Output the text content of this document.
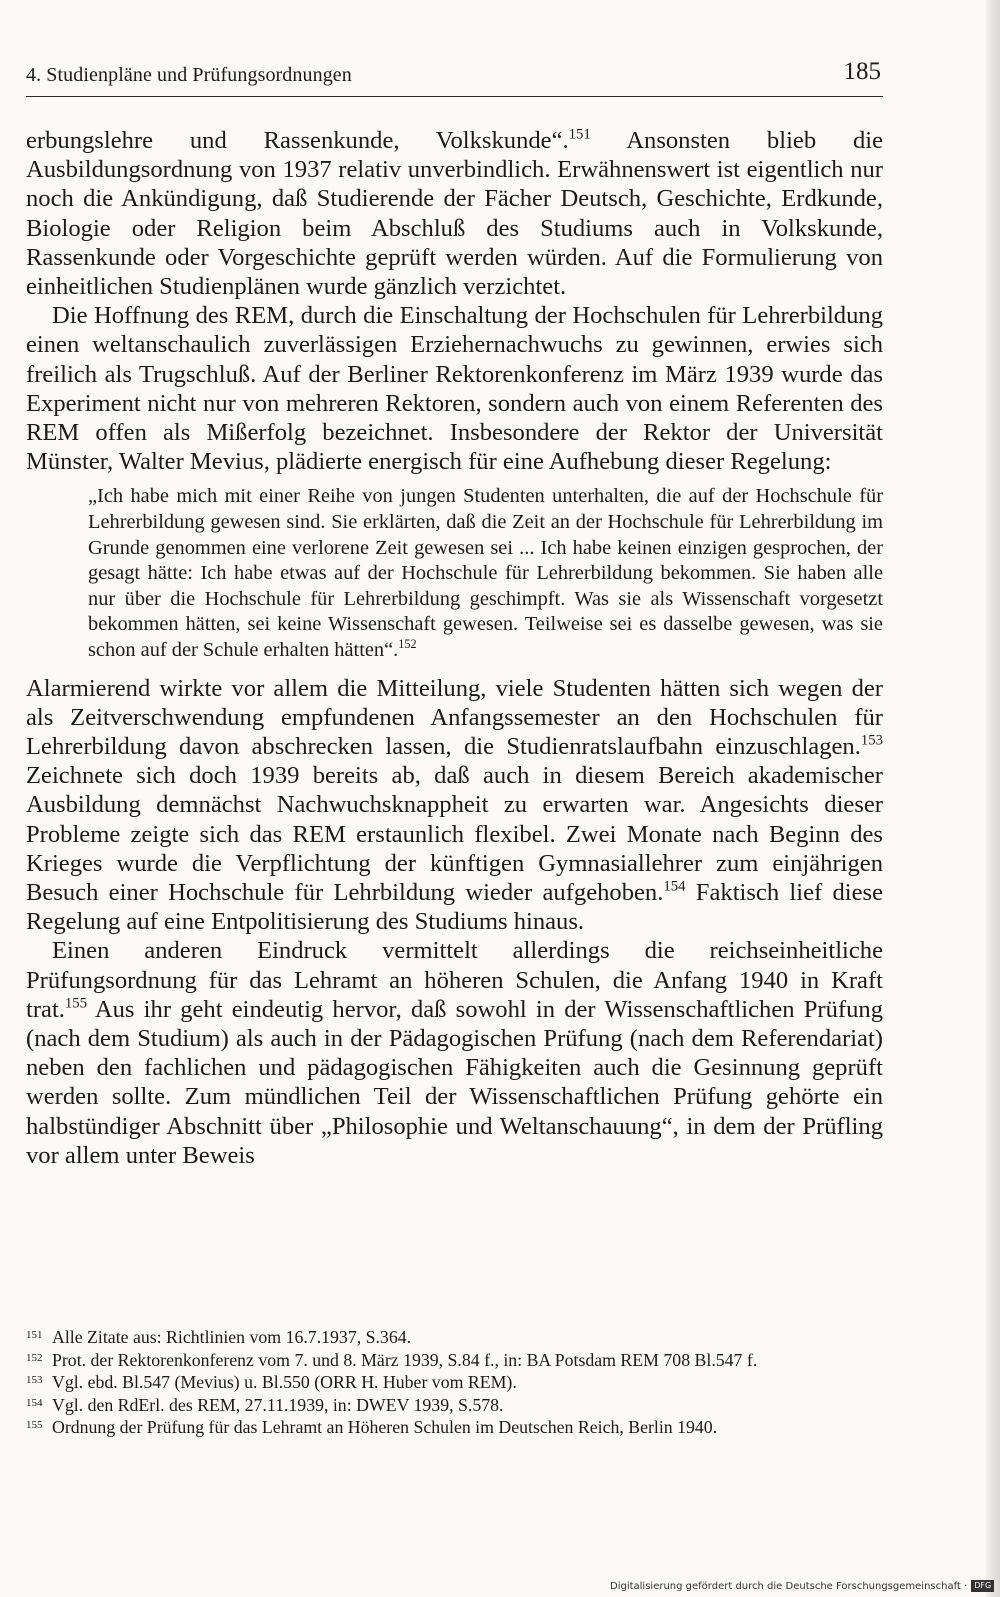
4. Studienpläne und Prüfungsordnungen	185

erbungslehre und Rassenkunde, Volkskunde“.$^{151}$ Ansonsten blieb die Ausbildungsordnung von 1937 relativ unverbindlich. Erwähnenswert ist eigentlich nur noch die Ankündigung, daß Studierende der Fächer Deutsch, Geschichte, Erdkunde, Biologie oder Religion beim Abschluß des Studiums auch in Volkskunde, Rassenkunde oder Vorgeschichte geprüft werden würden. Auf die Formulierung von einheitlichen Studienplänen wurde gänzlich verzichtet.

Die Hoffnung des REM, durch die Einschaltung der Hochschulen für Lehrerbildung einen weltanschaulich zuverlässigen Erziehernachwuchs zu gewinnen, erwies sich freilich als Trugschluß. Auf der Berliner Rektorenkonferenz im März 1939 wurde das Experiment nicht nur von mehreren Rektoren, sondern auch von einem Referenten des REM offen als Mißerfolg bezeichnet. Insbesondere der Rektor der Universität Münster, Walter Mevius, plädierte energisch für eine Aufhebung dieser Regelung:

„Ich habe mich mit einer Reihe von jungen Studenten unterhalten, die auf der Hochschule für Lehrerbildung gewesen sind. Sie erklärten, daß die Zeit an der Hochschule für Lehrerbildung im Grunde genommen eine verlorene Zeit gewesen sei ... Ich habe keinen einzigen gesprochen, der gesagt hätte: Ich habe etwas auf der Hochschule für Lehrerbildung bekommen. Sie haben alle nur über die Hochschule für Lehrerbildung geschimpft. Was sie als Wissenschaft vorgesetzt bekommen hätten, sei keine Wissenschaft gewesen. Teilweise sei es dasselbe gewesen, was sie schon auf der Schule erhalten hätten“.$^{152}$

Alarmierend wirkte vor allem die Mitteilung, viele Studenten hätten sich wegen der als Zeitverschwendung empfundenen Anfangssemester an den Hochschulen für Lehrerbildung davon abschrecken lassen, die Studienratslaufbahn einzuschlagen.$^{153}$ Zeichnete sich doch 1939 bereits ab, daß auch in diesem Bereich akademischer Ausbildung demnächst Nachwuchsknappheit zu erwarten war. Angesichts dieser Probleme zeigte sich das REM erstaunlich flexibel. Zwei Monate nach Beginn des Krieges wurde die Verpflichtung der künftigen Gymnasiallehrer zum einjährigen Besuch einer Hochschule für Lehrbildung wieder aufgehoben.$^{154}$ Faktisch lief diese Regelung auf eine Entpolitisierung des Studiums hinaus.

Einen anderen Eindruck vermittelt allerdings die reichseinheitliche Prüfungsordnung für das Lehramt an höheren Schulen, die Anfang 1940 in Kraft trat.$^{155}$ Aus ihr geht eindeutig hervor, daß sowohl in der Wissenschaftlichen Prüfung (nach dem Studium) als auch in der Pädagogischen Prüfung (nach dem Referendariat) neben den fachlichen und pädagogischen Fähigkeiten auch die Gesinnung geprüft werden sollte. Zum mündlichen Teil der Wissenschaftlichen Prüfung gehörte ein halbstündiger Abschnitt über „Philosophie und Weltanschauung“, in dem der Prüfling vor allem unter Beweis

151 Alle Zitate aus: Richtlinien vom 16.7.1937, S.364.
152 Prot. der Rektorenkonferenz vom 7. und 8. März 1939, S.84 f., in: BA Potsdam REM 708 Bl.547 f.
153 Vgl. ebd. Bl.547 (Mevius) u. Bl.550 (ORR H. Huber vom REM).
154 Vgl. den RdErl. des REM, 27.11.1939, in: DWEV 1939, S.578.
155 Ordnung der Prüfung für das Lehramt an Höheren Schulen im Deutschen Reich, Berlin 1940.
Digitalisierung gefördert durch die Deutsche Forschungsgemeinschaft · DFG
